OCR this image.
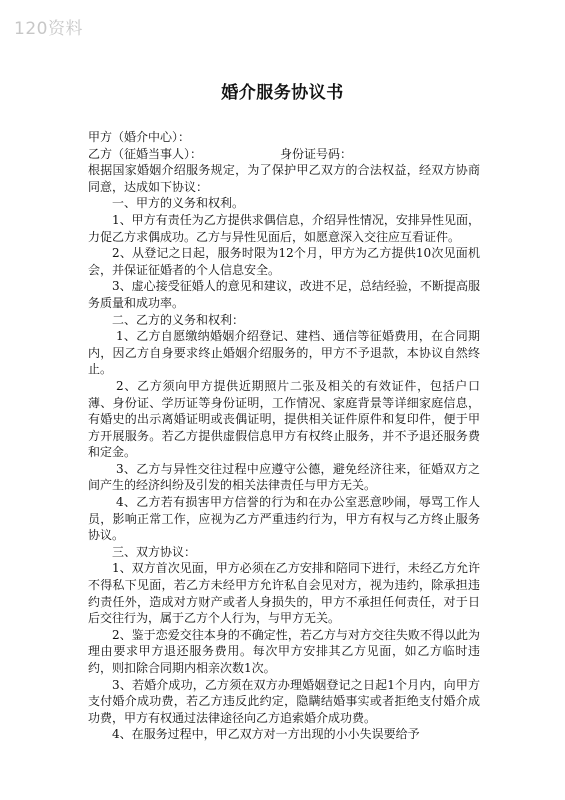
120资料
婚介服务协议书

甲方（婚介中心）：

乙方（征婚当事人）：	身份证号码：

根据国家婚姻介绍服务规定，为了保护甲乙双方的合法权益，经双方协商同意，达成如下协议：

一、甲方的义务和权利。

1、甲方有责任为乙方提供求偶信息，介绍异性情况，安排异性见面，力促乙方求偶成功。乙方与异性见面后，如愿意深入交往应互看证件。

2、从登记之日起，服务时限为12个月，甲方为乙方提供10次见面机会，并保证征婚者的个人信息安全。

3、虚心接受征婚人的意见和建议，改进不足，总结经验，不断提高服务质量和成功率。

二、乙方的义务和权利：

1、乙方自愿缴纳婚姻介绍登记、建档、通信等征婚费用，在合同期内，因乙方自身要求终止婚姻介绍服务的，甲方不予退款，本协议自然终止。

2、乙方须向甲方提供近期照片二张及相关的有效证件，包括户口薄、身份证、学历证等身份证明，工作情况、家庭背景等详细家庭信息，有婚史的出示离婚证明或丧偶证明，提供相关证件原件和复印件，便于甲方开展服务。若乙方提供虚假信息甲方有权终止服务，并不予退还服务费和定金。

3、乙方与异性交往过程中应遵守公德，避免经济往来，征婚双方之间产生的经济纠纷及引发的相关法律责任与甲方无关。

4、乙方若有损害甲方信誉的行为和在办公室恶意吵闹，辱骂工作人员，影响正常工作，应视为乙方严重违约行为，甲方有权与乙方终止服务协议。

三、双方协议：

1、双方首次见面，甲方必须在乙方安排和陪同下进行，未经乙方允许不得私下见面，若乙方未经甲方允许私自会见对方，视为违约，除承担违约责任外，造成对方财产或者人身损失的，甲方不承担任何责任，对于日后交往行为，属于乙方个人行为，与甲方无关。

2、鉴于恋爱交往本身的不确定性，若乙方与对方交往失败不得以此为理由要求甲方退还服务费用。每次甲方安排其乙方见面，如乙方临时违约，则扣除合同期内相亲次数1次。

3、若婚介成功，乙方须在双方办理婚姻登记之日起1个月内，向甲方支付婚介成功费，若乙方违反此约定，隐瞒结婚事实或者拒绝支付婚介成功费，甲方有权通过法律途径向乙方追索婚介成功费。

4、在服务过程中，甲乙双方对一方出现的小小失误要给予
